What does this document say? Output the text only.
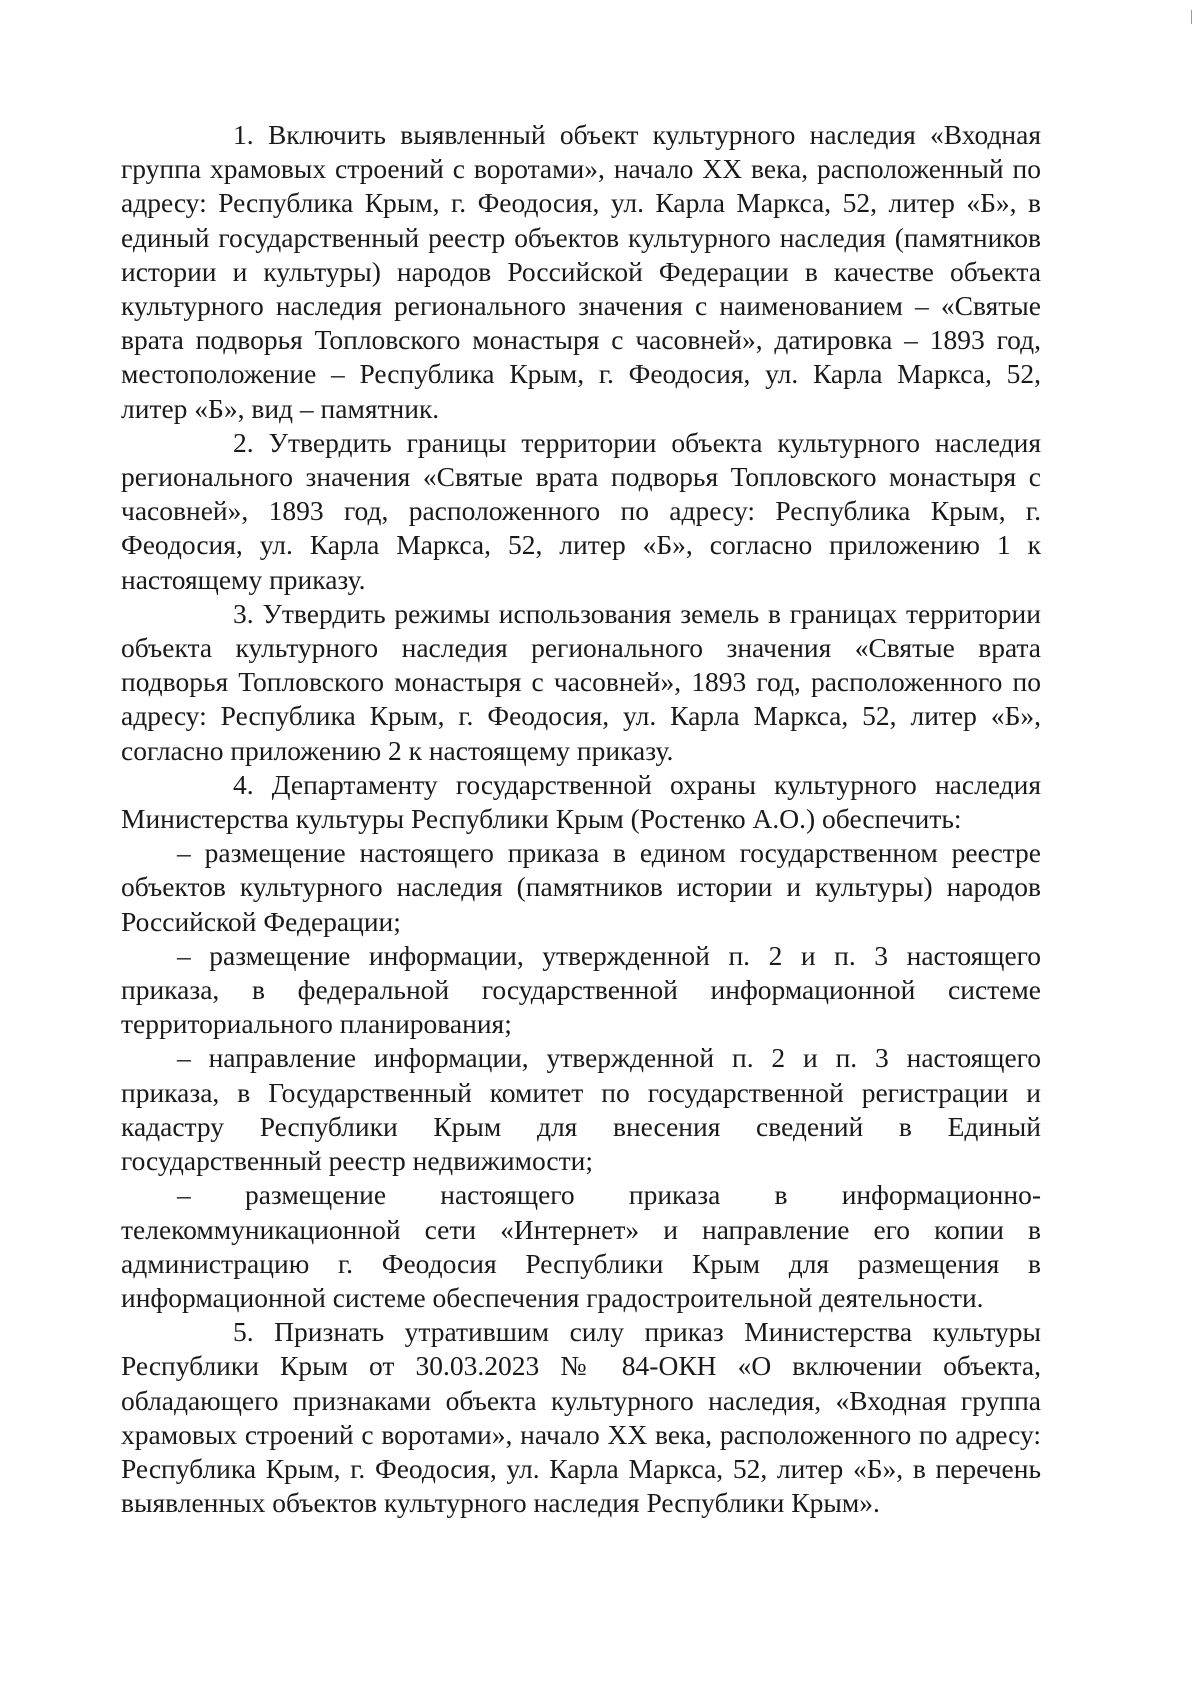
1. Включить выявленный объект культурного наследия «Входная группа храмовых строений с воротами», начало XX века, расположенный по адресу: Республика Крым, г. Феодосия, ул. Карла Маркса, 52, литер «Б», в единый государственный реестр объектов культурного наследия (памятников истории и культуры) народов Российской Федерации в качестве объекта культурного наследия регионального значения с наименованием – «Святые врата подворья Топловского монастыря с часовней», датировка – 1893 год, местоположение – Республика Крым, г. Феодосия, ул. Карла Маркса, 52, литер «Б», вид – памятник.

2. Утвердить границы территории объекта культурного наследия регионального значения «Святые врата подворья Топловского монастыря с часовней», 1893 год, расположенного по адресу: Республика Крым, г. Феодосия, ул. Карла Маркса, 52, литер «Б», согласно приложению 1 к настоящему приказу.

3. Утвердить режимы использования земель в границах территории объекта культурного наследия регионального значения «Святые врата подворья Топловского монастыря с часовней», 1893 год, расположенного по адресу: Республика Крым, г. Феодосия, ул. Карла Маркса, 52, литер «Б», согласно приложению 2 к настоящему приказу.

4. Департаменту государственной охраны культурного наследия Министерства культуры Республики Крым (Ростенко А.О.) обеспечить:

– размещение настоящего приказа в едином государственном реестре объектов культурного наследия (памятников истории и культуры) народов Российской Федерации;

– размещение информации, утвержденной п. 2 и п. 3 настоящего приказа, в федеральной государственной информационной системе территориального планирования;

– направление информации, утвержденной п. 2 и п. 3 настоящего приказа, в Государственный комитет по государственной регистрации и кадастру Республики Крым для внесения сведений в Единый государственный реестр недвижимости;

– размещение настоящего приказа в информационно-телекоммуникационной сети «Интернет» и направление его копии в администрацию г. Феодосия Республики Крым для размещения в информационной системе обеспечения градостроительной деятельности.

5. Признать утратившим силу приказ Министерства культуры Республики Крым от 30.03.2023 № 84-ОКН «О включении объекта, обладающего признаками объекта культурного наследия, «Входная группа храмовых строений с воротами», начало XX века, расположенного по адресу: Республика Крым, г. Феодосия, ул. Карла Маркса, 52, литер «Б», в перечень выявленных объектов культурного наследия Республики Крым».
